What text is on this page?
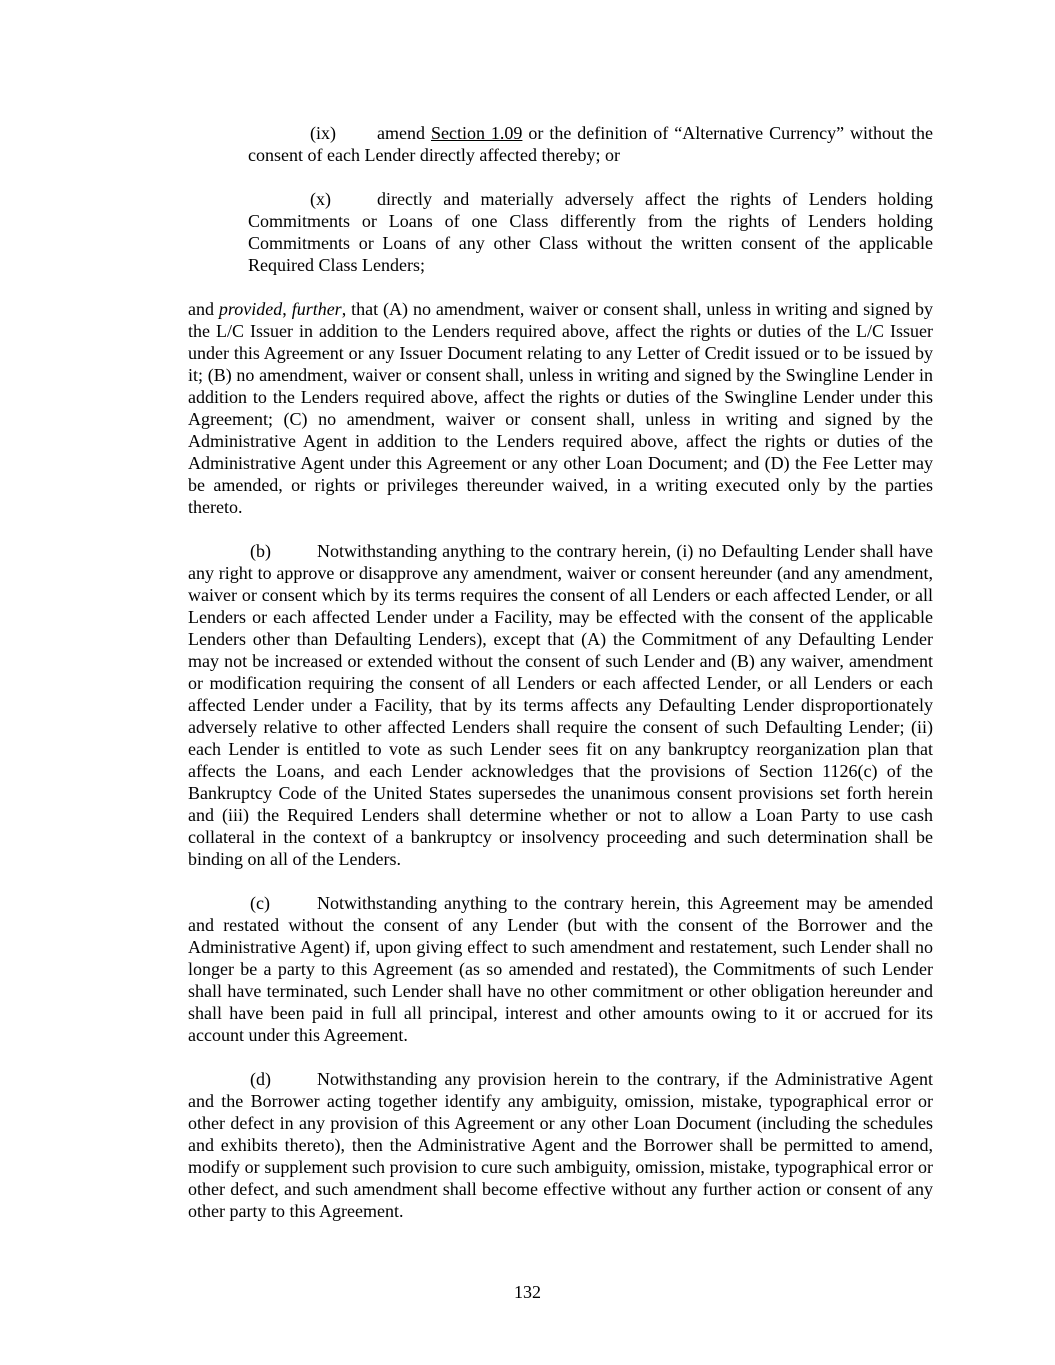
(ix) amend Section 1.09 or the definition of “Alternative Currency” without the consent of each Lender directly affected thereby; or

(x)	directly and materially adversely affect the rights of Lenders holding Commitments or Loans of one Class differently from the rights of Lenders holding Commitments or Loans of any other Class without the written consent of the applicable Required Class Lenders;

and provided, further, that (A) no amendment, waiver or consent shall, unless in writing and signed by the L/C Issuer in addition to the Lenders required above, affect the rights or duties of the L/C Issuer under this Agreement or any Issuer Document relating to any Letter of Credit issued or to be issued by it; (B) no amendment, waiver or consent shall, unless in writing and signed by the Swingline Lender in addition to the Lenders required above, affect the rights or duties of the Swingline Lender under this Agreement; (C) no amendment, waiver or consent shall, unless in writing and signed by the Administrative Agent in addition to the Lenders required above, affect the rights or duties of the Administrative Agent under this Agreement or any other Loan Document; and (D) the Fee Letter may be amended, or rights or privileges thereunder waived, in a writing executed only by the parties thereto.

(b)	Notwithstanding anything to the contrary herein, (i) no Defaulting Lender shall have any right to approve or disapprove any amendment, waiver or consent hereunder (and any amendment, waiver or consent which by its terms requires the consent of all Lenders or each affected Lender, or all Lenders or each affected Lender under a Facility, may be effected with the consent of the applicable Lenders other than Defaulting Lenders), except that (A) the Commitment of any Defaulting Lender may not be increased or extended without the consent of such Lender and (B) any waiver, amendment or modification requiring the consent of all Lenders or each affected Lender, or all Lenders or each affected Lender under a Facility, that by its terms affects any Defaulting Lender disproportionately adversely relative to other affected Lenders shall require the consent of such Defaulting Lender; (ii) each Lender is entitled to vote as such Lender sees fit on any bankruptcy reorganization plan that affects the Loans, and each Lender acknowledges that the provisions of Section 1126(c) of the Bankruptcy Code of the United States supersedes the unanimous consent provisions set forth herein and (iii) the Required Lenders shall determine whether or not to allow a Loan Party to use cash collateral in the context of a bankruptcy or insolvency proceeding and such determination shall be binding on all of the Lenders.

(c)	Notwithstanding anything to the contrary herein, this Agreement may be amended and restated without the consent of any Lender (but with the consent of the Borrower and the Administrative Agent) if, upon giving effect to such amendment and restatement, such Lender shall no longer be a party to this Agreement (as so amended and restated), the Commitments of such Lender shall have terminated, such Lender shall have no other commitment or other obligation hereunder and shall have been paid in full all principal, interest and other amounts owing to it or accrued for its account under this Agreement.

(d)	Notwithstanding any provision herein to the contrary, if the Administrative Agent and the Borrower acting together identify any ambiguity, omission, mistake, typographical error or other defect in any provision of this Agreement or any other Loan Document (including the schedules and exhibits thereto), then the Administrative Agent and the Borrower shall be permitted to amend, modify or supplement such provision to cure such ambiguity, omission, mistake, typographical error or other defect, and such amendment shall become effective without any further action or consent of any other party to this Agreement.

132
